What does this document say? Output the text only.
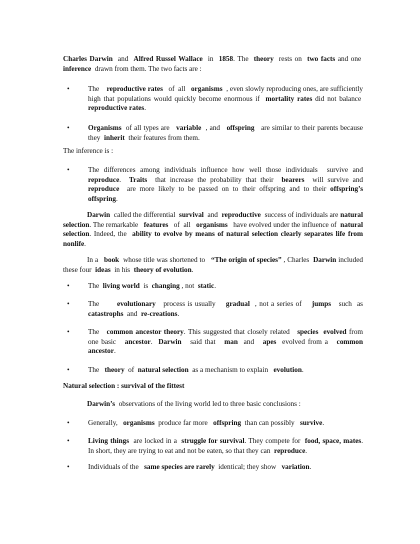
Charles Darwin  and  Alfred Russel Wallace  in  1858. The  theory  rests on  two facts and one  inference  drawn from them. The two facts are :

•	The    reproductive rates   of  all   organisms  , even slowly reproducing ones, are sufficiently high that populations would quickly become enormous if  mortality rates did not balance  reproductive rates.

•	Organisms  of all types are   variable  , and   offspring   are similar to their parents because they  inherit  their features from them.

The inference is :

•	The differences among individuals influence how well those individuals  survive and reproduce.  Traits  that increase the probability that their  bearers  will survive and reproduce  are more likely to be passed on to their offspring and to their offspring’s offspring.

Darwin  called the differential  survival  and  reproductive  success of individuals are natural selection. The remarkable   features   of  all   organisms   have evolved under the influence of  natural selection. Indeed, the  ability to evolve by means of natural selection clearly separates life from nonlife.

In a   book  whose title was shortened to   “The origin of species” , Charles  Darwin included these four  ideas  in his  theory of evolution.

•	The  living world  is  changing , not  static.

•	The       evolutionary   process is usually    gradual  , not a series of    jumps   such  as catastrophs  and  re-creations.

•	The   common ancestor theory. This suggested that closely related   species evolved from one basic   ancestor.  Darwin   said that   man  and   apes  evolved from a   common ancestor.

•	The   theory  of  natural selection  as a mechanism to explain   evolution.

Natural selection : survival of the fittest

Darwin’s  observations of the living world led to three basic conclusions :

•	Generally,   organisms  produce far more   offspring  than can possibly   survive.

•	Living things  are locked in a  struggle for survival. They compete for  food, space, mates. In short, they are trying to eat and not be eaten, so that they can  reproduce.

•	Individuals of the   same species are rarely  identical; they show   variation.
